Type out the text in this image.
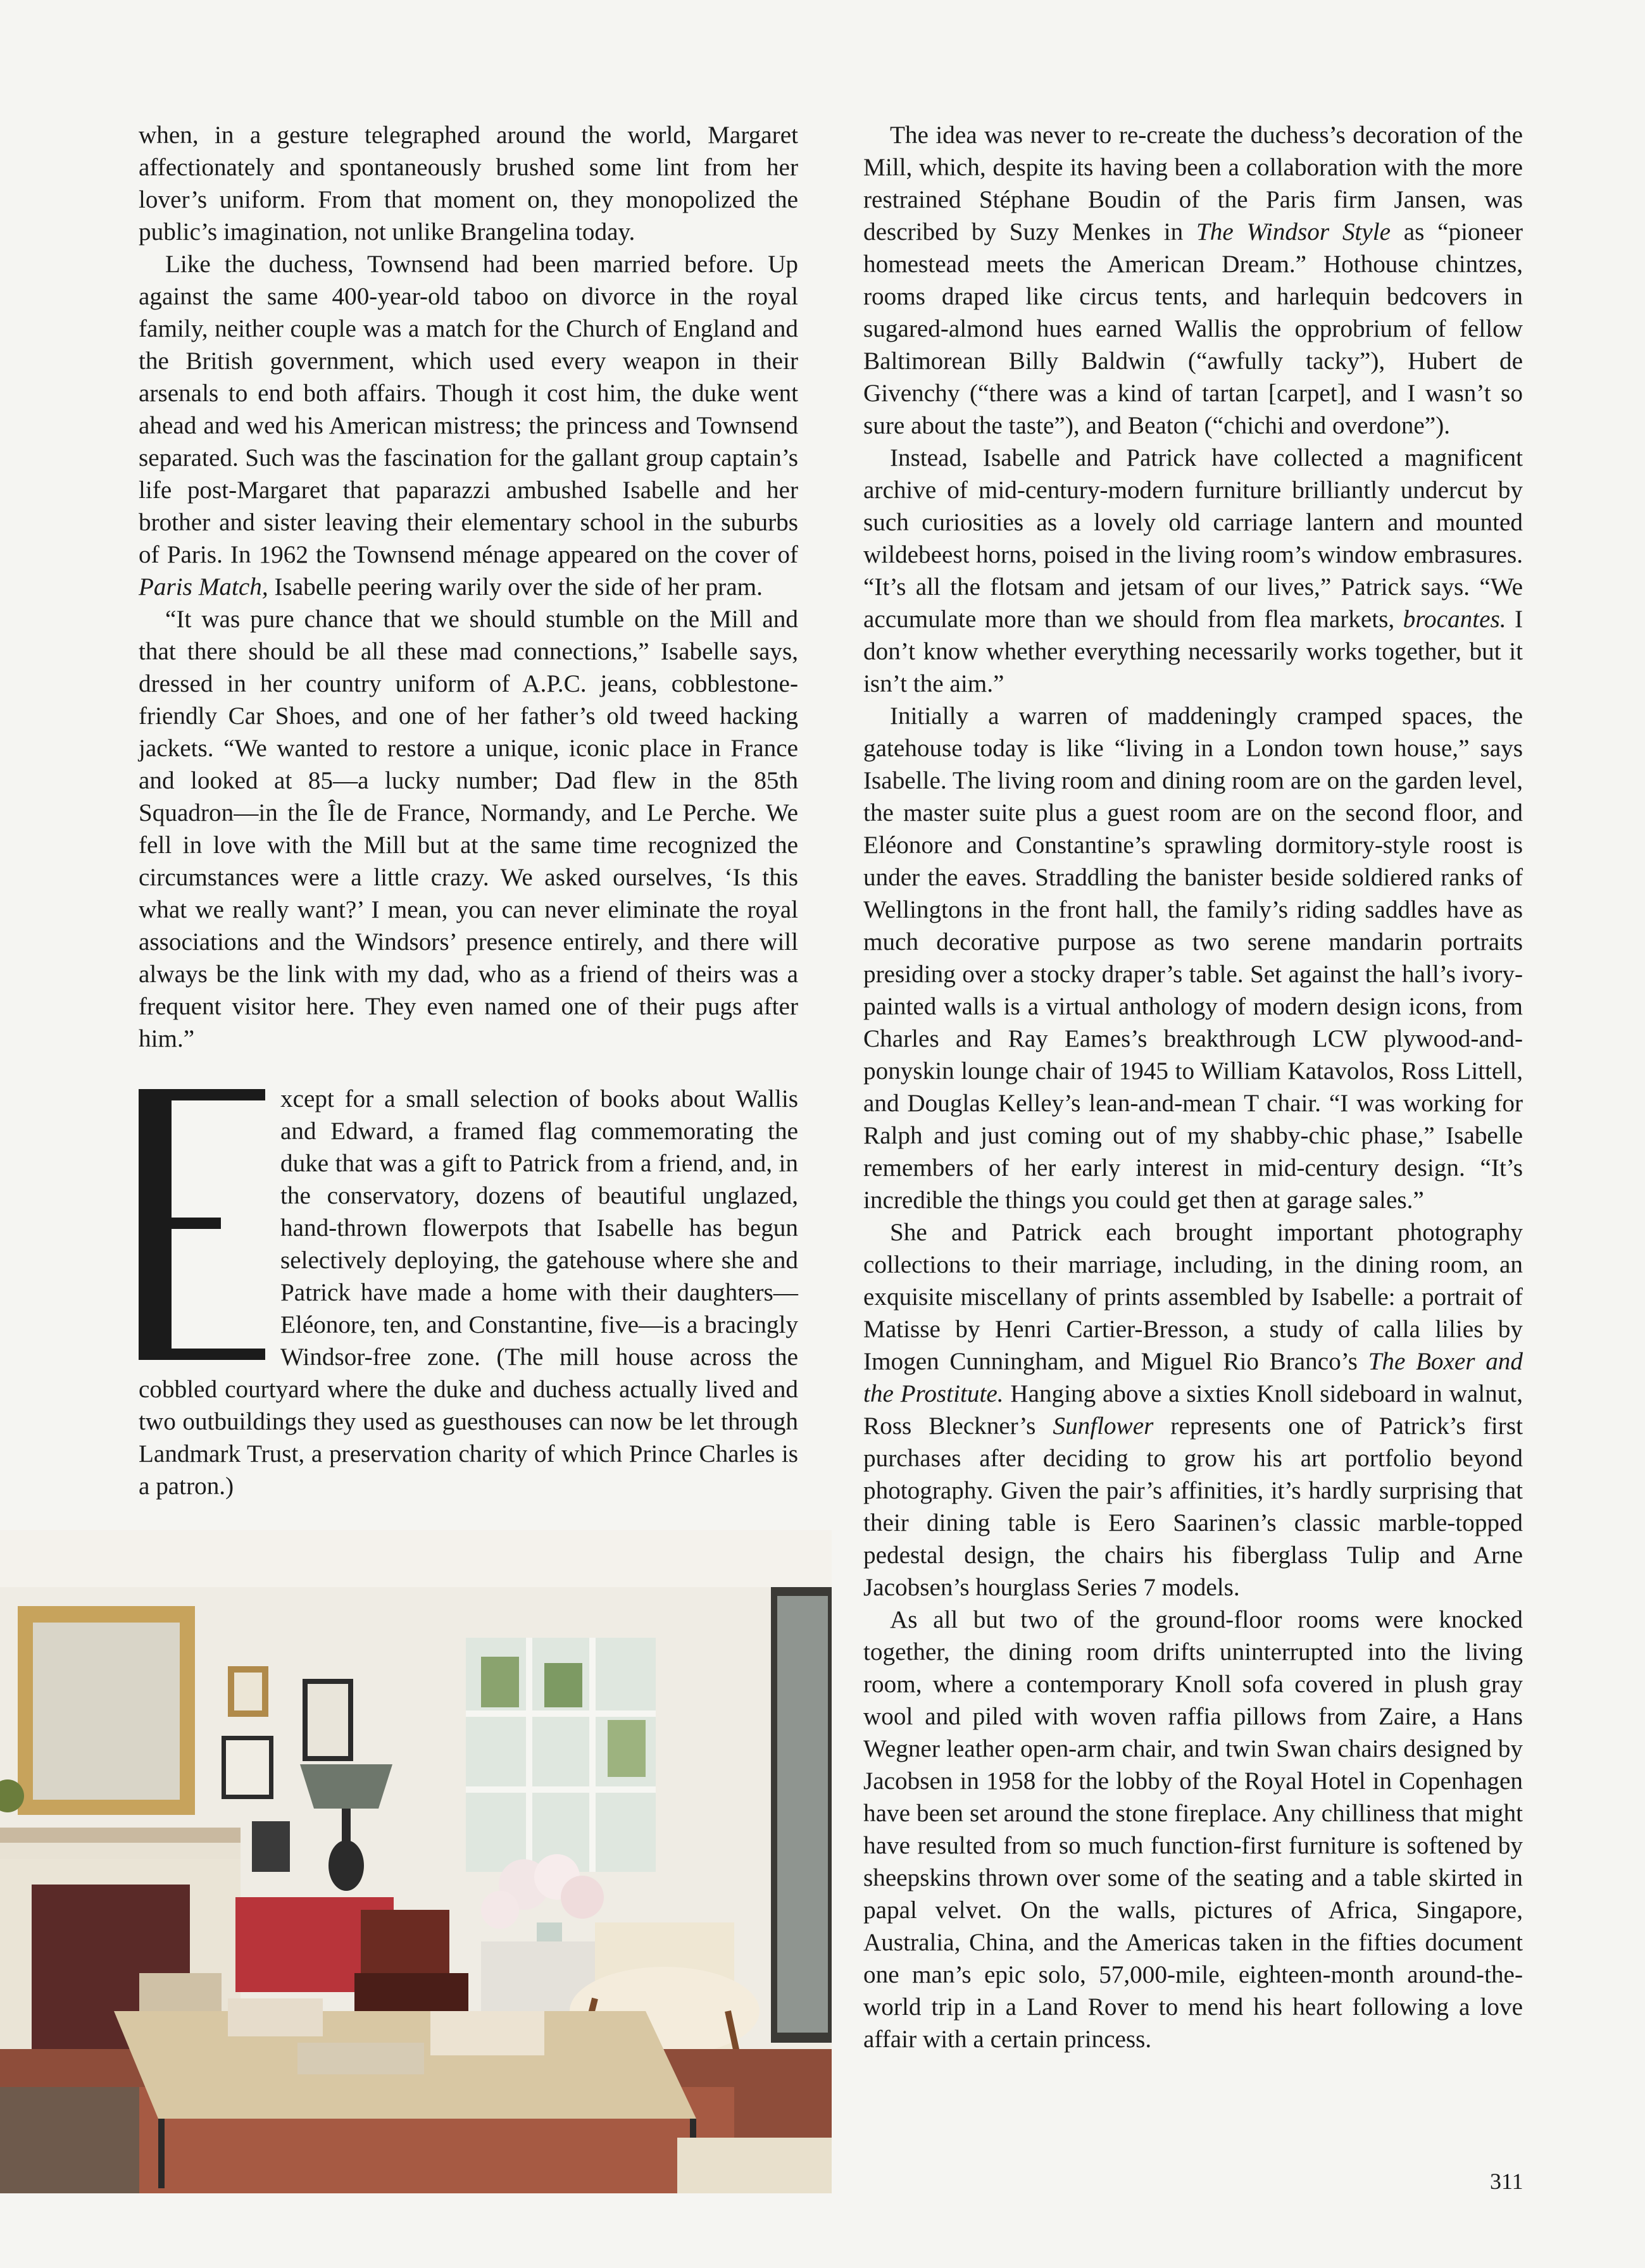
when, in a gesture telegraphed around the world, Margaret affectionately and spontaneously brushed some lint from her lover’s uniform. From that moment on, they monopolized the public’s imagination, not unlike Brangelina today.

Like the duchess, Townsend had been married before. Up against the same 400-year-old taboo on divorce in the royal family, neither couple was a match for the Church of England and the British government, which used every weapon in their arsenals to end both affairs. Though it cost him, the duke went ahead and wed his American mistress; the princess and Townsend separated. Such was the fascination for the gallant group captain’s life post-Margaret that paparazzi ambushed Isabelle and her brother and sister leaving their elementary school in the suburbs of Paris. In 1962 the Townsend ménage appeared on the cover of Paris Match, Isabelle peering warily over the side of her pram.

“It was pure chance that we should stumble on the Mill and that there should be all these mad connections,” Isabelle says, dressed in her country uniform of A.P.C. jeans, cobblestone-friendly Car Shoes, and one of her father’s old tweed hacking jackets. “We wanted to restore a unique, iconic place in France and looked at 85—a lucky number; Dad flew in the 85th Squadron—in the Île de France, Normandy, and Le Perche. We fell in love with the Mill but at the same time recognized the circumstances were a little crazy. We asked ourselves, ‘Is this what we really want?’ I mean, you can never eliminate the royal associations and the Windsors’ presence entirely, and there will always be the link with my dad, who as a friend of theirs was a frequent visitor here. They even named one of their pugs after him.”

xcept for a small selection of books about Wallis and Edward, a framed flag commemorating the duke that was a gift to Patrick from a friend, and, in the conservatory, dozens of beautiful unglazed, hand-thrown flowerpots that Isabelle has begun selectively deploying, the gatehouse where she and Patrick have made a home with their daughters—Eléonore, ten, and Constantine, five—is a bracingly Windsor-free zone. (The mill house across the cobbled courtyard where the duke and duchess actually lived and two outbuildings they used as guesthouses can now be let through Landmark Trust, a preservation charity of which Prince Charles is a patron.)

The idea was never to re-create the duchess’s decoration of the Mill, which, despite its having been a collaboration with the more restrained Stéphane Boudin of the Paris firm Jansen, was described by Suzy Menkes in The Windsor Style as “pioneer homestead meets the American Dream.” Hothouse chintzes, rooms draped like circus tents, and harlequin bedcovers in sugared-almond hues earned Wallis the opprobrium of fellow Baltimorean Billy Baldwin (“awfully tacky”), Hubert de Givenchy (“there was a kind of tartan [carpet], and I wasn’t so sure about the taste”), and Beaton (“chichi and overdone”).

Instead, Isabelle and Patrick have collected a magnificent archive of mid-century-modern furniture brilliantly undercut by such curiosities as a lovely old carriage lantern and mounted wildebeest horns, poised in the living room’s window embrasures. “It’s all the flotsam and jetsam of our lives,” Patrick says. “We accumulate more than we should from flea markets, brocantes. I don’t know whether everything necessarily works together, but it isn’t the aim.”

Initially a warren of maddeningly cramped spaces, the gatehouse today is like “living in a London town house,” says Isabelle. The living room and dining room are on the garden level, the master suite plus a guest room are on the second floor, and Eléonore and Constantine’s sprawling dormitory-style roost is under the eaves. Straddling the banister beside soldiered ranks of Wellingtons in the front hall, the family’s riding saddles have as much decorative purpose as two serene mandarin portraits presiding over a stocky draper’s table. Set against the hall’s ivory-painted walls is a virtual anthology of modern design icons, from Charles and Ray Eames’s breakthrough LCW plywood-and-ponyskin lounge chair of 1945 to William Katavolos, Ross Littell, and Douglas Kelley’s lean-and-mean T chair. “I was working for Ralph and just coming out of my shabby-chic phase,” Isabelle remembers of her early interest in mid-century design. “It’s incredible the things you could get then at garage sales.”

She and Patrick each brought important photography collections to their marriage, including, in the dining room, an exquisite miscellany of prints assembled by Isabelle: a portrait of Matisse by Henri Cartier-Bresson, a study of calla lilies by Imogen Cunningham, and Miguel Rio Branco’s The Boxer and the Prostitute. Hanging above a sixties Knoll sideboard in walnut, Ross Bleckner’s Sunflower represents one of Patrick’s first purchases after deciding to grow his art portfolio beyond photography. Given the pair’s affinities, it’s hardly surprising that their dining table is Eero Saarinen’s classic marble-topped pedestal design, the chairs his fiberglass Tulip and Arne Jacobsen’s hourglass Series 7 models.

As all but two of the ground-floor rooms were knocked together, the dining room drifts uninterrupted into the living room, where a contemporary Knoll sofa covered in plush gray wool and piled with woven raffia pillows from Zaire, a Hans Wegner leather open-arm chair, and twin Swan chairs designed by Jacobsen in 1958 for the lobby of the Royal Hotel in Copenhagen have been set around the stone fireplace. Any chilliness that might have resulted from so much function-first furniture is softened by sheepskins thrown over some of the seating and a table skirted in papal velvet. On the walls, pictures of Africa, Singapore, Australia, China, and the Americas taken in the fifties document one man’s epic solo, 57,000-mile, eighteen-month around-the-world trip in a Land Rover to mend his heart following a love affair with a certain princess.

311
